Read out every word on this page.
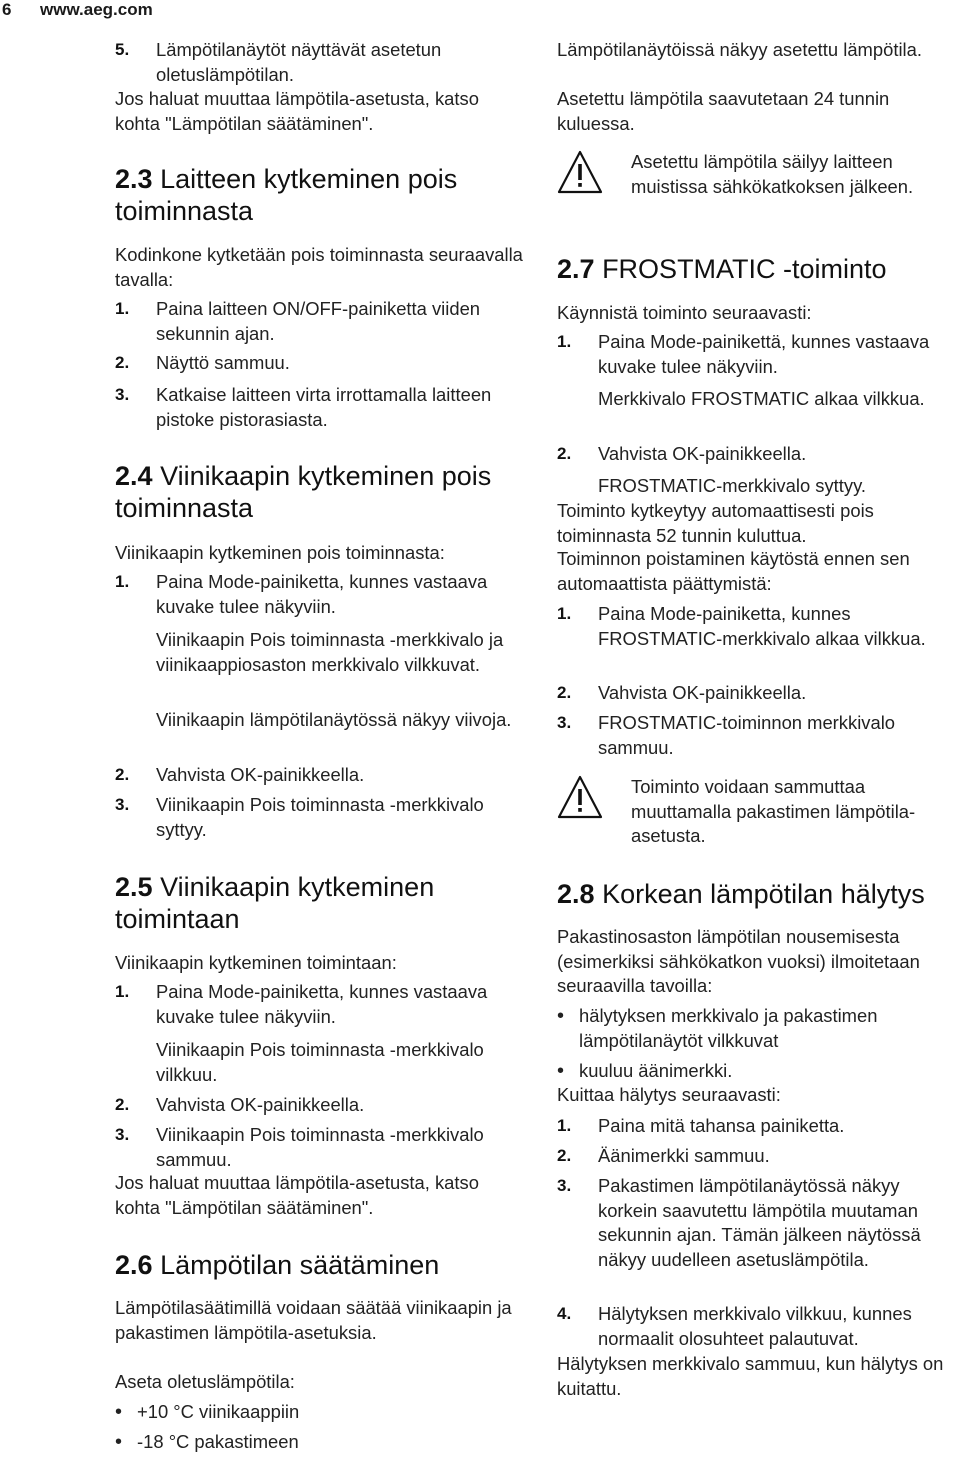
6 www.aeg.com
5. Lämpötilanäytöt näyttävät asetetun oletuslämpötilan.
Jos haluat muuttaa lämpötila-asetusta, katso kohta "Lämpötilan säätäminen".
2.3 Laitteen kytkeminen pois toiminnasta
Kodinkone kytketään pois toiminnasta seuraavalla tavalla:
1. Paina laitteen ON/OFF-painiketta viiden sekunnin ajan.
2. Näyttö sammuu.
3. Katkaise laitteen virta irrottamalla laitteen pistoke pistorasiasta.
2.4 Viinikaapin kytkeminen pois toiminnasta
Viinikaapin kytkeminen pois toiminnasta:
1. Paina Mode-painiketta, kunnes vastaava kuvake tulee näkyviin.
Viinikaapin Pois toiminnasta -merkkivalo ja viinikaappiosaston merkkivalo vilkkuvat.
Viinikaapin lämpötilanäytössä näkyy viivoja.
2. Vahvista OK-painikkeella.
3. Viinikaapin Pois toiminnasta -merkkivalo syttyy.
2.5 Viinikaapin kytkeminen toimintaan
Viinikaapin kytkeminen toimintaan:
1. Paina Mode-painiketta, kunnes vastaava kuvake tulee näkyviin.
Viinikaapin Pois toiminnasta -merkkivalo vilkkuu.
2. Vahvista OK-painikkeella.
3. Viinikaapin Pois toiminnasta -merkkivalo sammuu.
Jos haluat muuttaa lämpötila-asetusta, katso kohta "Lämpötilan säätäminen".
2.6 Lämpötilan säätäminen
Lämpötilasäätimillä voidaan säätää viinikaapin ja pakastimen lämpötila-asetuksia.
Aseta oletuslämpötila:
• +10 °C viinikaappiin
• -18 °C pakastimeen
Lämpötilanäytöissä näkyy asetettu lämpötila.
Asetettu lämpötila saavutetaan 24 tunnin kuluessa.
Asetettu lämpötila säilyy laitteen muistissa sähkökatkoksen jälkeen.
2.7 FROSTMATIC -toiminto
Käynnistä toiminto seuraavasti:
1. Paina Mode-painikettä, kunnes vastaava kuvake tulee näkyviin.
Merkkivalo FROSTMATIC alkaa vilkkua.
2. Vahvista OK-painikkeella.
FROSTMATIC-merkkivalo syttyy.
Toiminto kytkeytyy automaattisesti pois toiminnasta 52 tunnin kuluttua.
Toiminnon poistaminen käytöstä ennen sen automaattista päättymistä:
1. Paina Mode-painiketta, kunnes FROSTMATIC-merkkivalo alkaa vilkkua.
2. Vahvista OK-painikkeella.
3. FROSTMATIC-toiminnon merkkivalo sammuu.
Toiminto voidaan sammuttaa muuttamalla pakastimen lämpötila-asetusta.
2.8 Korkean lämpötilan hälytys
Pakastinosaston lämpötilan nousemisesta (esimerkiksi sähkökatkon vuoksi) ilmoitetaan seuraavilla tavoilla:
• hälytyksen merkkivalo ja pakastimen lämpötilanäytöt vilkkuvat
• kuuluu äänimerkki.
Kuittaa hälytys seuraavasti:
1. Paina mitä tahansa painiketta.
2. Äänimerkki sammuu.
3. Pakastimen lämpötilanäytössä näkyy korkein saavutettu lämpötila muutaman sekunnin ajan. Tämän jälkeen näytössä näkyy uudelleen asetuslämpötila.
4. Hälytyksen merkkivalo vilkkuu, kunnes normaalit olosuhteet palautuvat.
Hälytyksen merkkivalo sammuu, kun hälytys on kuitattu.
